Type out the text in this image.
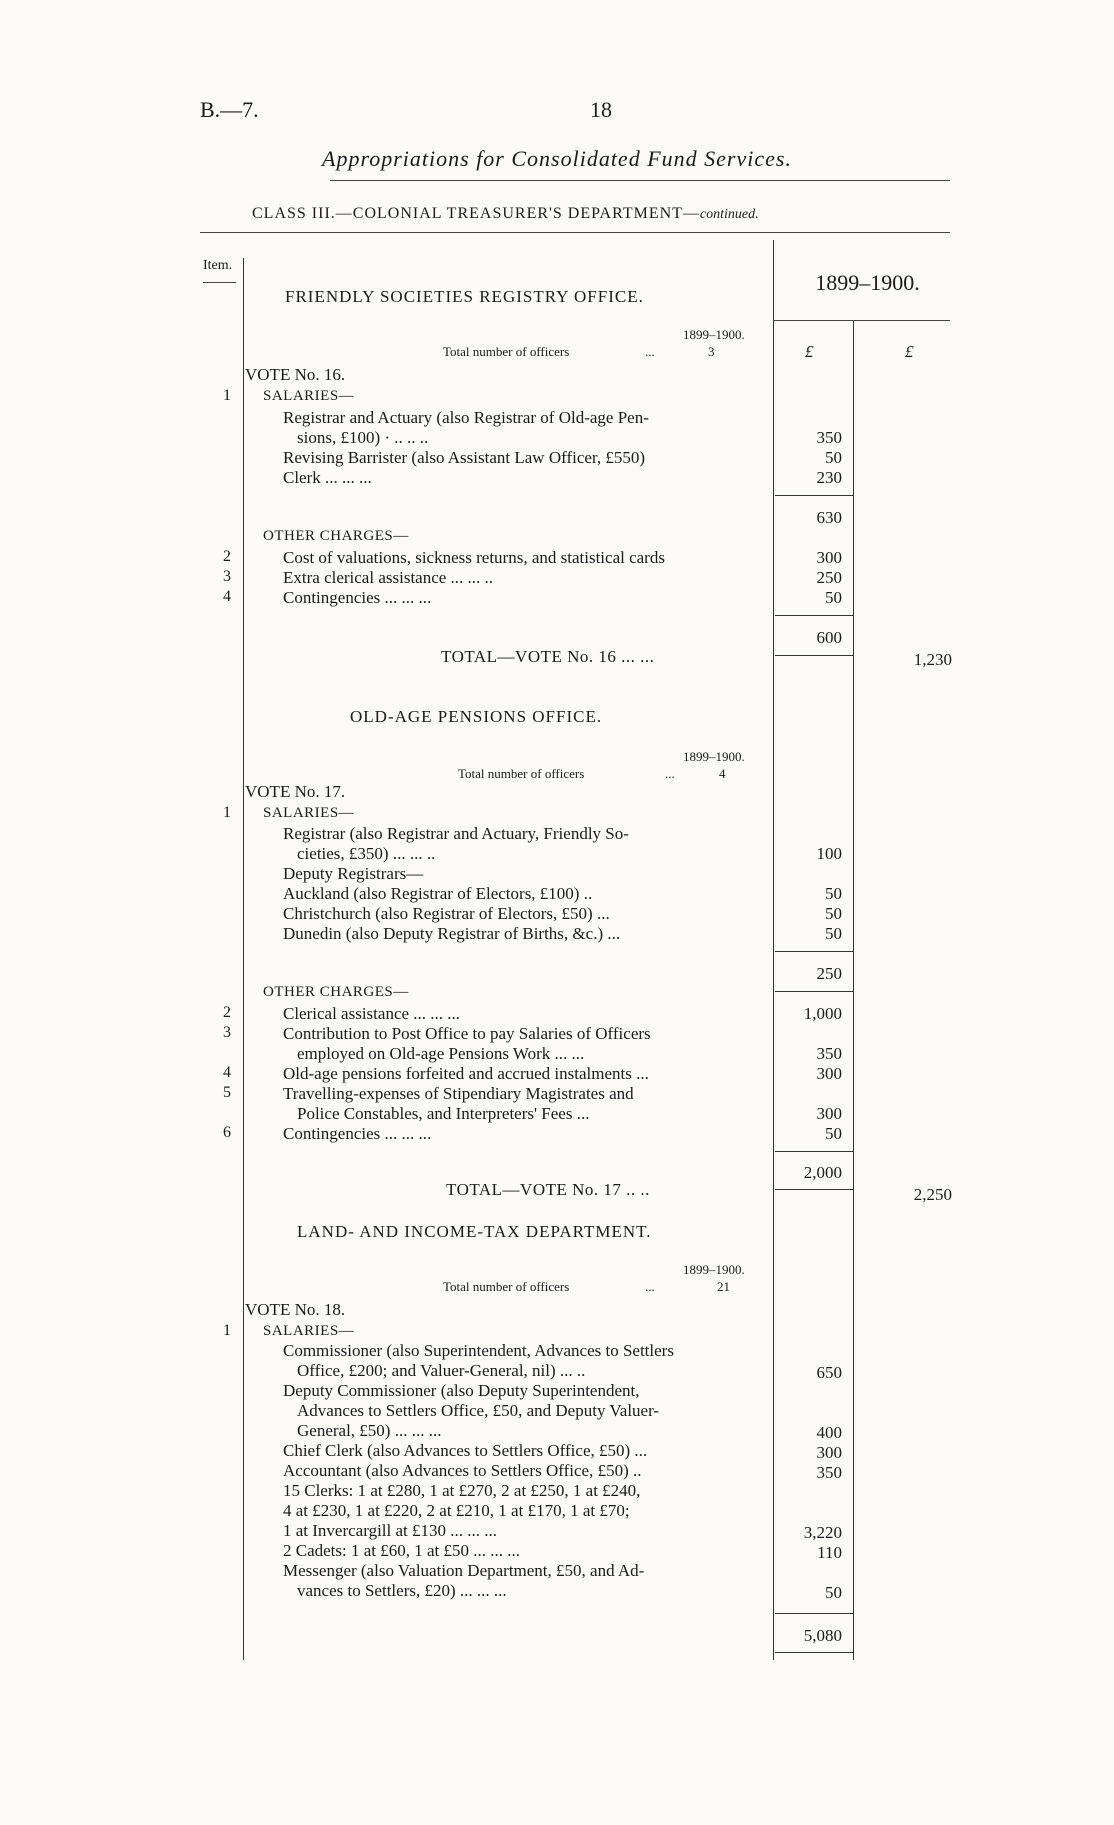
B.—7.	18
Appropriations for Consolidated Fund Services.
CLASS III.—COLONIAL TREASURER'S DEPARTMENT—continued.
Item.
1899–1900.
£	£
FRIENDLY SOCIETIES REGISTRY OFFICE.
1899–1900.
Total number of officers	...	3
VOTE No. 16.
1 SALARIES—
Registrar and Actuary (also Registrar of Old-age Pen-
sions, £100) · .. .. ..	350
Revising Barrister (also Assistant Law Officer, £550)	50
Clerk ... ... ...	230
630
OTHER CHARGES—
2	Cost of valuations, sickness returns, and statistical cards	300
3	Extra clerical assistance ... ... ..	250
4	Contingencies ... ... ...	50
600
TOTAL—VOTE No. 16 ... ...	1,230
OLD-AGE PENSIONS OFFICE.
1899–1900.
Total number of officers	...	4
VOTE No. 17.
1 SALARIES—
Registrar (also Registrar and Actuary, Friendly So-
cieties, £350) ... ... ..	100
Deputy Registrars—
Auckland (also Registrar of Electors, £100) ..	50
Christchurch (also Registrar of Electors, £50) ...	50
Dunedin (also Deputy Registrar of Births, &c.) ...	50
250
OTHER CHARGES—
2	Clerical assistance ... ... ...	1,000
3	Contribution to Post Office to pay Salaries of Officers
employed on Old-age Pensions Work ... ...	350
4	Old-age pensions forfeited and accrued instalments ...	300
5	Travelling-expenses of Stipendiary Magistrates and
Police Constables, and Interpreters' Fees ...	300
6	Contingencies ... ... ...	50
2,000
TOTAL—VOTE No. 17 .. ..	2,250
LAND- AND INCOME-TAX DEPARTMENT.
1899–1900.
Total number of officers	...	21
VOTE No. 18.
1 SALARIES—
Commissioner (also Superintendent, Advances to Settlers
Office, £200; and Valuer-General, nil) ... ..	650
Deputy Commissioner (also Deputy Superintendent,
Advances to Settlers Office, £50, and Deputy Valuer-
General, £50) ... ... ...	400
Chief Clerk (also Advances to Settlers Office, £50) ...	300
Accountant (also Advances to Settlers Office, £50) ..	350
15 Clerks: 1 at £280, 1 at £270, 2 at £250, 1 at £240,
4 at £230, 1 at £220, 2 at £210, 1 at £170, 1 at £70;
1 at Invercargill at £130 ... ... ...	3,220
2 Cadets: 1 at £60, 1 at £50 ... ... ...	110
Messenger (also Valuation Department, £50, and Ad-
vances to Settlers, £20) ... ... ...	50
5,080
